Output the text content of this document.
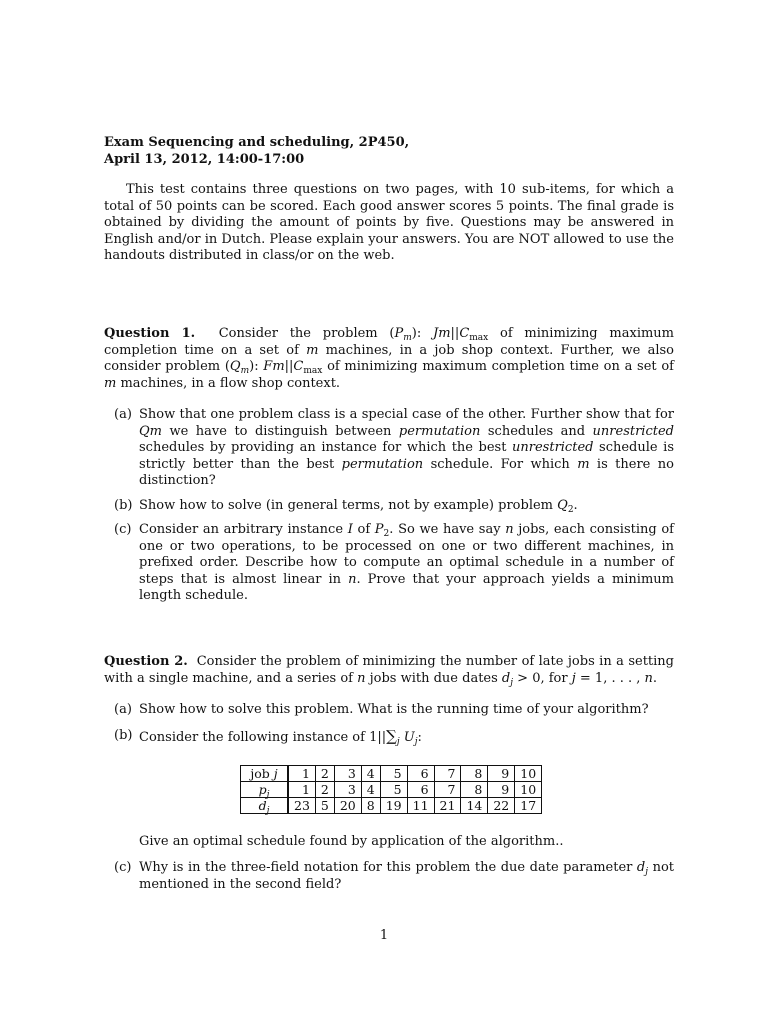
Exam Sequencing and scheduling, 2P450,
April 13, 2012, 14:00-17:00

This test contains three questions on two pages, with 10 sub-items, for which a total of 50 points can be scored. Each good answer scores 5 points. The final grade is obtained by dividing the amount of points by five. Questions may be answered in English and/or in Dutch. Please explain your answers. You are NOT allowed to use the handouts distributed in class/or on the web.

Question 1. Consider the problem $(P_m)$: $Jm||C_{max}$ of minimizing maximum completion time on a set of m machines, in a job shop context. Further, we also consider problem $(Q_m)$: $Fm||C_{max}$ of minimizing maximum completion time on a set of m machines, in a flow shop context.

(a) Show that one problem class is a special case of the other. Further show that for Qm we have to distinguish between permutation schedules and unrestricted schedules by providing an instance for which the best unrestricted schedule is strictly better than the best permutation schedule. For which m is there no distinction?

(b) Show how to solve (in general terms, not by example) problem $Q_2$.

(c) Consider an arbitrary instance I of $P_2$. So we have say n jobs, each consisting of one or two operations, to be processed on one or two different machines, in prefixed order. Describe how to compute an optimal schedule in a number of steps that is almost linear in n. Prove that your approach yields a minimum length schedule.

Question 2. Consider the problem of minimizing the number of late jobs in a setting with a single machine, and a series of n jobs with due dates $d_j > 0$, for j = 1, . . . , n.

(a) Show how to solve this problem. What is the running time of your algorithm?

(b) Consider the following instance of $1||\sum_j$ $U_j$:

job j	1	2	3	4	5	6	7	8	9	10
$p_j$	1	2	3	4	5	6	7	8	9	10
$d_j$	23	5	20	8	19	11	21	14	22	17
Give an optimal schedule found by application of the algorithm..
(c) Why is in the three-field notation for this problem the due date parameter $d_j$ not mentioned in the second field?

1
